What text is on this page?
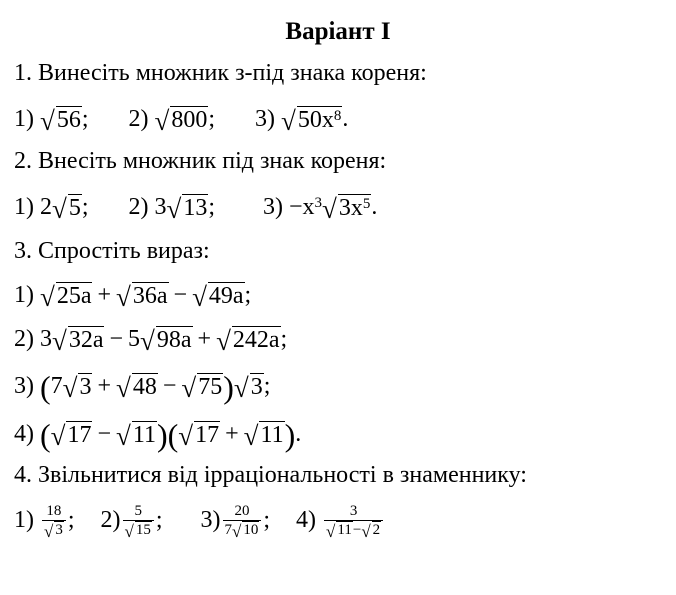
Варіант І
1. Винесіть множник з-під знака кореня:
1)
√ 56 ;
2)
√ 800 ;
3)
√ $50x^8$ .
2. Внесіть множник під знак кореня:
1)
2 √ 5 ;
2)
3 √ 13 ;
3)
$-x^3$ √ $3x^5$ .
3. Спростіть вираз:
1)
√ 25a + √ 36a − √ 49a ;
2)
3 √ 32a − 5 √ 98a + √ 242a ;
3)
( 7 √ 3 + √ 48 − √ 75 ) √ 3 ;
4)
( √ 17 − √ 11 ) ( √ 17 + √ 11 ) .
4. Звільнитися від ірраціональності в знаменнику:
1)
$\frac{18}{√ 3}$ ;
$2) \frac{5}{√ 15}$ ;
$3) \frac{20}{7 √ 10}$ ;
4)
$\frac{3}{√ 11 - √ 2}$
